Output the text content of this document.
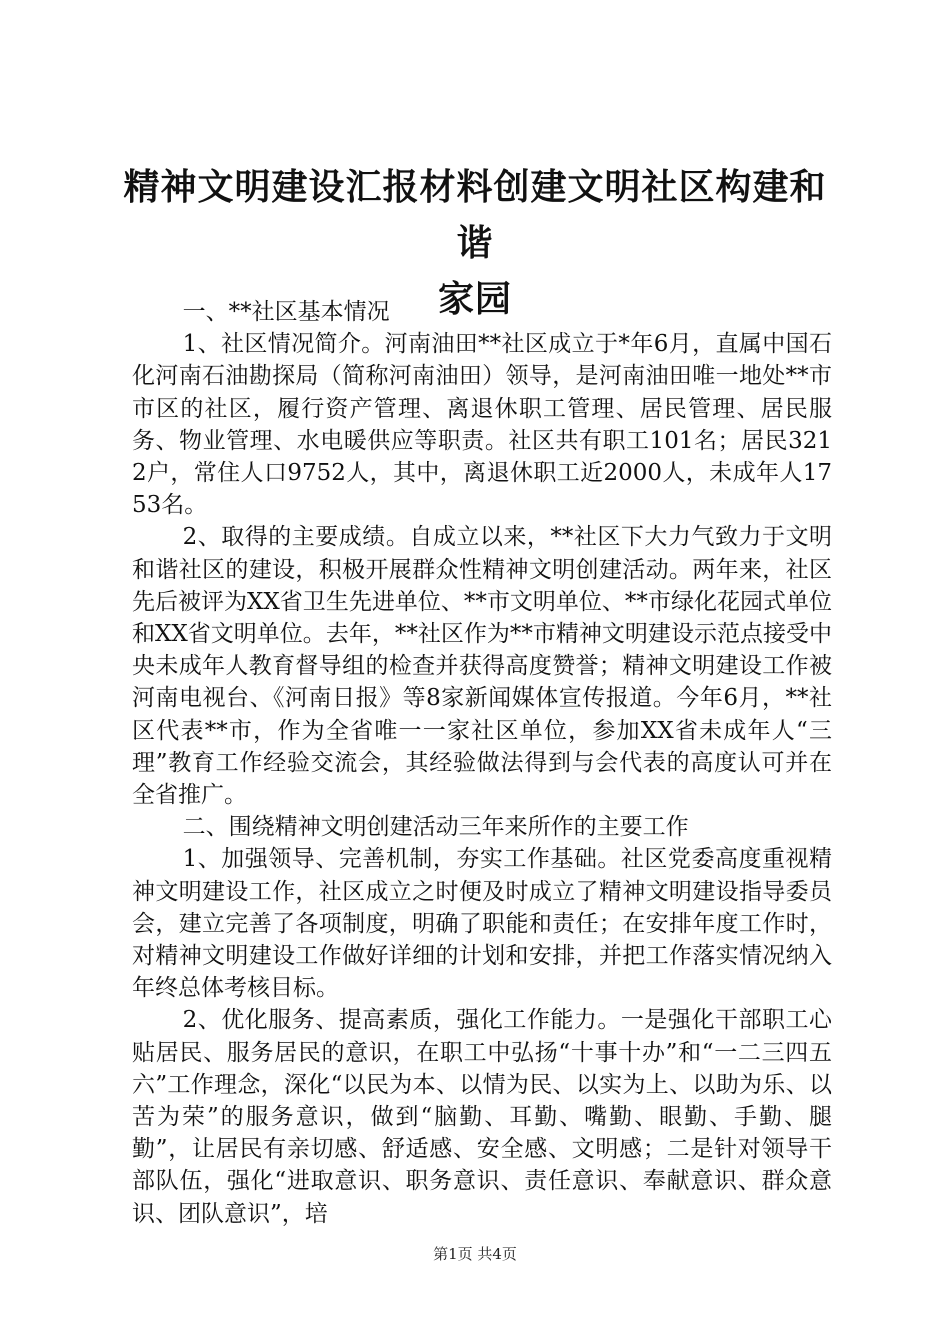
精神文明建设汇报材料创建文明社区构建和谐
家园

一、**社区基本情况

1、社区情况简介。河南油田**社区成立于*年6月，直属中国石化河南石油勘探局（简称河南油田）领导，是河南油田唯一地处**市市区的社区，履行资产管理、离退休职工管理、居民管理、居民服务、物业管理、水电暖供应等职责。社区共有职工101名；居民3212户，常住人口9752人，其中，离退休职工近2000人，未成年人1753名。

2、取得的主要成绩。自成立以来，**社区下大力气致力于文明和谐社区的建设，积极开展群众性精神文明创建活动。两年来，社区先后被评为XX省卫生先进单位、**市文明单位、**市绿化花园式单位和XX省文明单位。去年，**社区作为**市精神文明建设示范点接受中央未成年人教育督导组的检查并获得高度赞誉；精神文明建设工作被河南电视台、《河南日报》等8家新闻媒体宣传报道。今年6月，**社区代表**市，作为全省唯一一家社区单位，参加XX省未成年人“三理”教育工作经验交流会，其经验做法得到与会代表的高度认可并在全省推广。

二、围绕精神文明创建活动三年来所作的主要工作

1、加强领导、完善机制，夯实工作基础。社区党委高度重视精神文明建设工作，社区成立之时便及时成立了精神文明建设指导委员会，建立完善了各项制度，明确了职能和责任；在安排年度工作时，对精神文明建设工作做好详细的计划和安排，并把工作落实情况纳入年终总体考核目标。

2、优化服务、提高素质，强化工作能力。一是强化干部职工心贴居民、服务居民的意识，在职工中弘扬“十事十办”和“一二三四五六”工作理念，深化“以民为本、以情为民、以实为上、以助为乐、以苦为荣”的服务意识，做到“脑勤、耳勤、嘴勤、眼勤、手勤、腿勤”，让居民有亲切感、舒适感、安全感、文明感；二是针对领导干部队伍，强化“进取意识、职务意识、责任意识、奉献意识、群众意识、团队意识”，培

第1页 共4页
